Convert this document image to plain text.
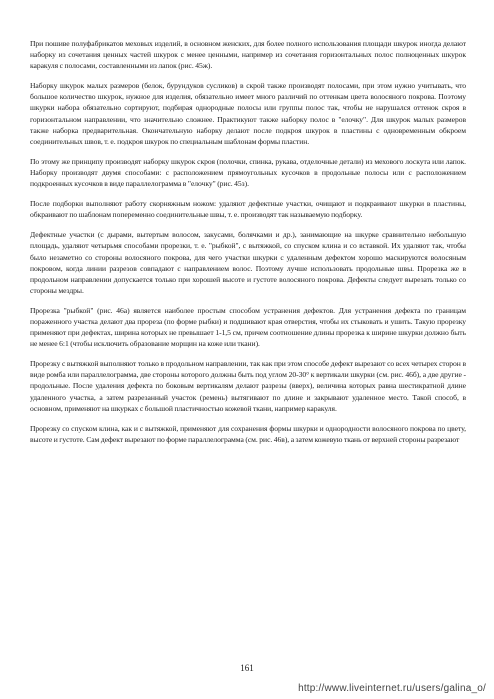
При пошиве полуфабрикатов меховых изделий, в основном женских, для более полного использования площади шкурок иногда делают наборку из сочетания ценных частей шкурок с менее ценными, например из сочетания горизонтальных полос полноценных шкурок каракуля с полосами, составленными из лапок (рис. 45ж).

Наборку шкурок малых размеров (белок, бурундуков сусликов) в скрой также производят полосами, при этом нужно учитывать, что большое количество шкурок, нужное для изделия, обязательно имеет много различий по оттенкам цвета волосяного покрова. Поэтому шкурки набора обязательно сортируют, подбирая однородные полосы или группы полос так, чтобы не нарушался оттенок скроя в горизонтальном направлении, что значительно сложнее. Практикуют также наборку полос в "елочку". Для шкурок малых размеров также наборка предварительная. Окончательную наборку делают после подкроя шкурок в пластины с одновременным обкроем соединительных швов, т. е. подкроя шкурок по специальным шаблонам формы пластин.

По этому же принципу производят наборку шкурок скроя (полочки, спинка, рукава, отделочные детали) из мехового лоскута или лапок. Наборку производят двумя способами: с расположением прямоугольных кусочков в продольные полосы или с расположением подкроенных кусочков в виде параллелограмма в "елочку" (рис. 45з).

После подборки выполняют работу скорняжным ножом: удаляют дефектные участки, очищают и подкраивают шкурки в пластины, обкраивают по шаблонам попеременно соединительные швы, т. е. производят так называемую подборку.

Дефектные участки (с дырами, вытертым волосом, закусами, болячками и др.), занимающие на шкурке сравнительно небольшую площадь, удаляют четырьмя способами прорезки, т. е. "рыбкой", с вытяжкой, со спуском клина и со вставкой. Их удаляют так, чтобы было незаметно со стороны волосяного покрова, для чего участки шкурки с удаленным дефектом хорошо маскируются волосяным покровом, когда линии разрезов совпадают с направлением волос. Поэтому лучше использовать продольные швы. Прорезка же в продольном направлении допускается только при хорошей высоте и густоте волосяного покрова. Дефекты следует вырезать только со стороны мездры.

Прорезка "рыбкой" (рис. 46а) является наиболее простым способом устранения дефектов. Для устранения дефекта по границам пораженного участка делают два прореза (по форме рыбки) и подшивают края отверстия, чтобы их стыковать и ушить. Такую прорезку применяют при дефектах, ширина которых не превышает 1-1,5 см, причем соотношение длины прорезка к ширине шкурки должно быть не менее 6:1 (чтобы исключить образование морщин на коже или ткани).

Прорезку с вытяжкой выполняют только в продольном направлении, так как при этом способе дефект вырезают со всех четырех сторон в виде ромба или параллелограмма, две стороны которого должны быть под углом 20-30° к вертикали шкурки (см. рис. 46б), а две другие - продольные. После удаления дефекта по боковым вертикалям делают разрезы (вверх), величина которых равна шестикратной длине удаленного участка, а затем разрезанный участок (ремень) вытягивают по длине и закрывают удаленное место. Такой способ, в основном, применяют на шкурках с большой пластичностью кожевой ткани, например каракуля.

Прорезку со спуском клина, как и с вытяжкой, применяют для сохранения формы шкурки и однородности волосяного покрова по цвету, высоте и густоте. Сам дефект вырезают по форме параллелограмма (см. рис. 46в), а затем кожевую ткань от верхней стороны разрезают

161
http://www.liveinternet.ru/users/galina_o/
